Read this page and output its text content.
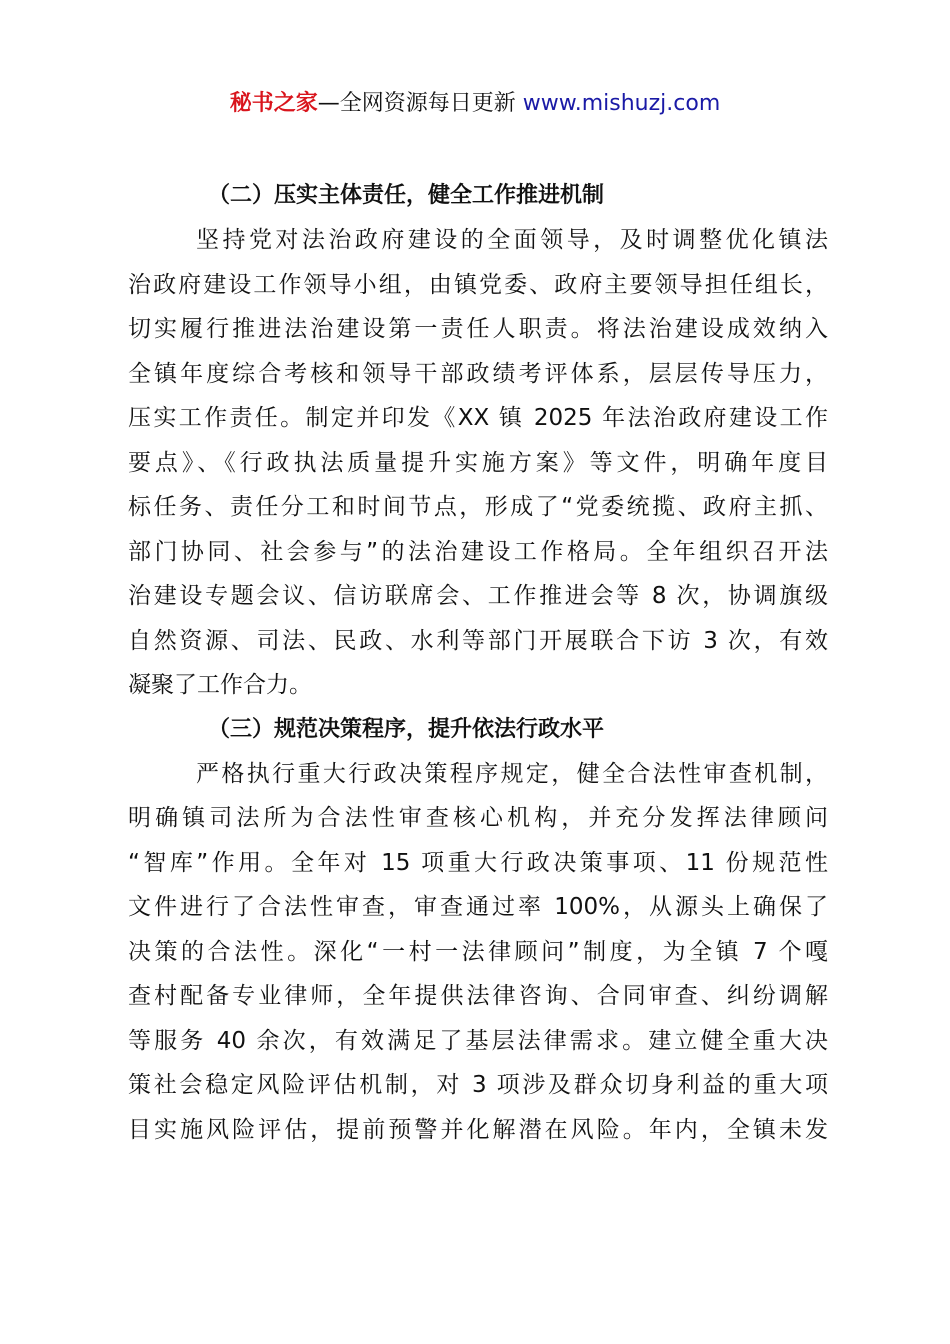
秘书之家—全网资源每日更新 www.mishuzj.com
（二）压实主体责任，健全工作推进机制
坚持党对法治政府建设的全面领导，及时调整优化镇法
治政府建设工作领导小组，由镇党委、政府主要领导担任组长，
切实履行推进法治建设第一责任人职责。将法治建设成效纳入
全镇年度综合考核和领导干部政绩考评体系，层层传导压力，
压实工作责任。制定并印发《XX 镇 2025 年法治政府建设工作
要点》、《行政执法质量提升实施方案》等文件，明确年度目
标任务、责任分工和时间节点，形成了“党委统揽、政府主抓、
部门协同、社会参与”的法治建设工作格局。全年组织召开法
治建设专题会议、信访联席会、工作推进会等 8 次，协调旗级
自然资源、司法、民政、水利等部门开展联合下访 3 次，有效
凝聚了工作合力。
（三）规范决策程序，提升依法行政水平
严格执行重大行政决策程序规定，健全合法性审查机制，
明确镇司法所为合法性审查核心机构，并充分发挥法律顾问
“智库”作用。全年对 15 项重大行政决策事项、11 份规范性
文件进行了合法性审查，审查通过率 100%，从源头上确保了
决策的合法性。深化“一村一法律顾问”制度，为全镇 7 个嘎
查村配备专业律师，全年提供法律咨询、合同审查、纠纷调解
等服务 40 余次，有效满足了基层法律需求。建立健全重大决
策社会稳定风险评估机制，对 3 项涉及群众切身利益的重大项
目实施风险评估，提前预警并化解潜在风险。年内，全镇未发
